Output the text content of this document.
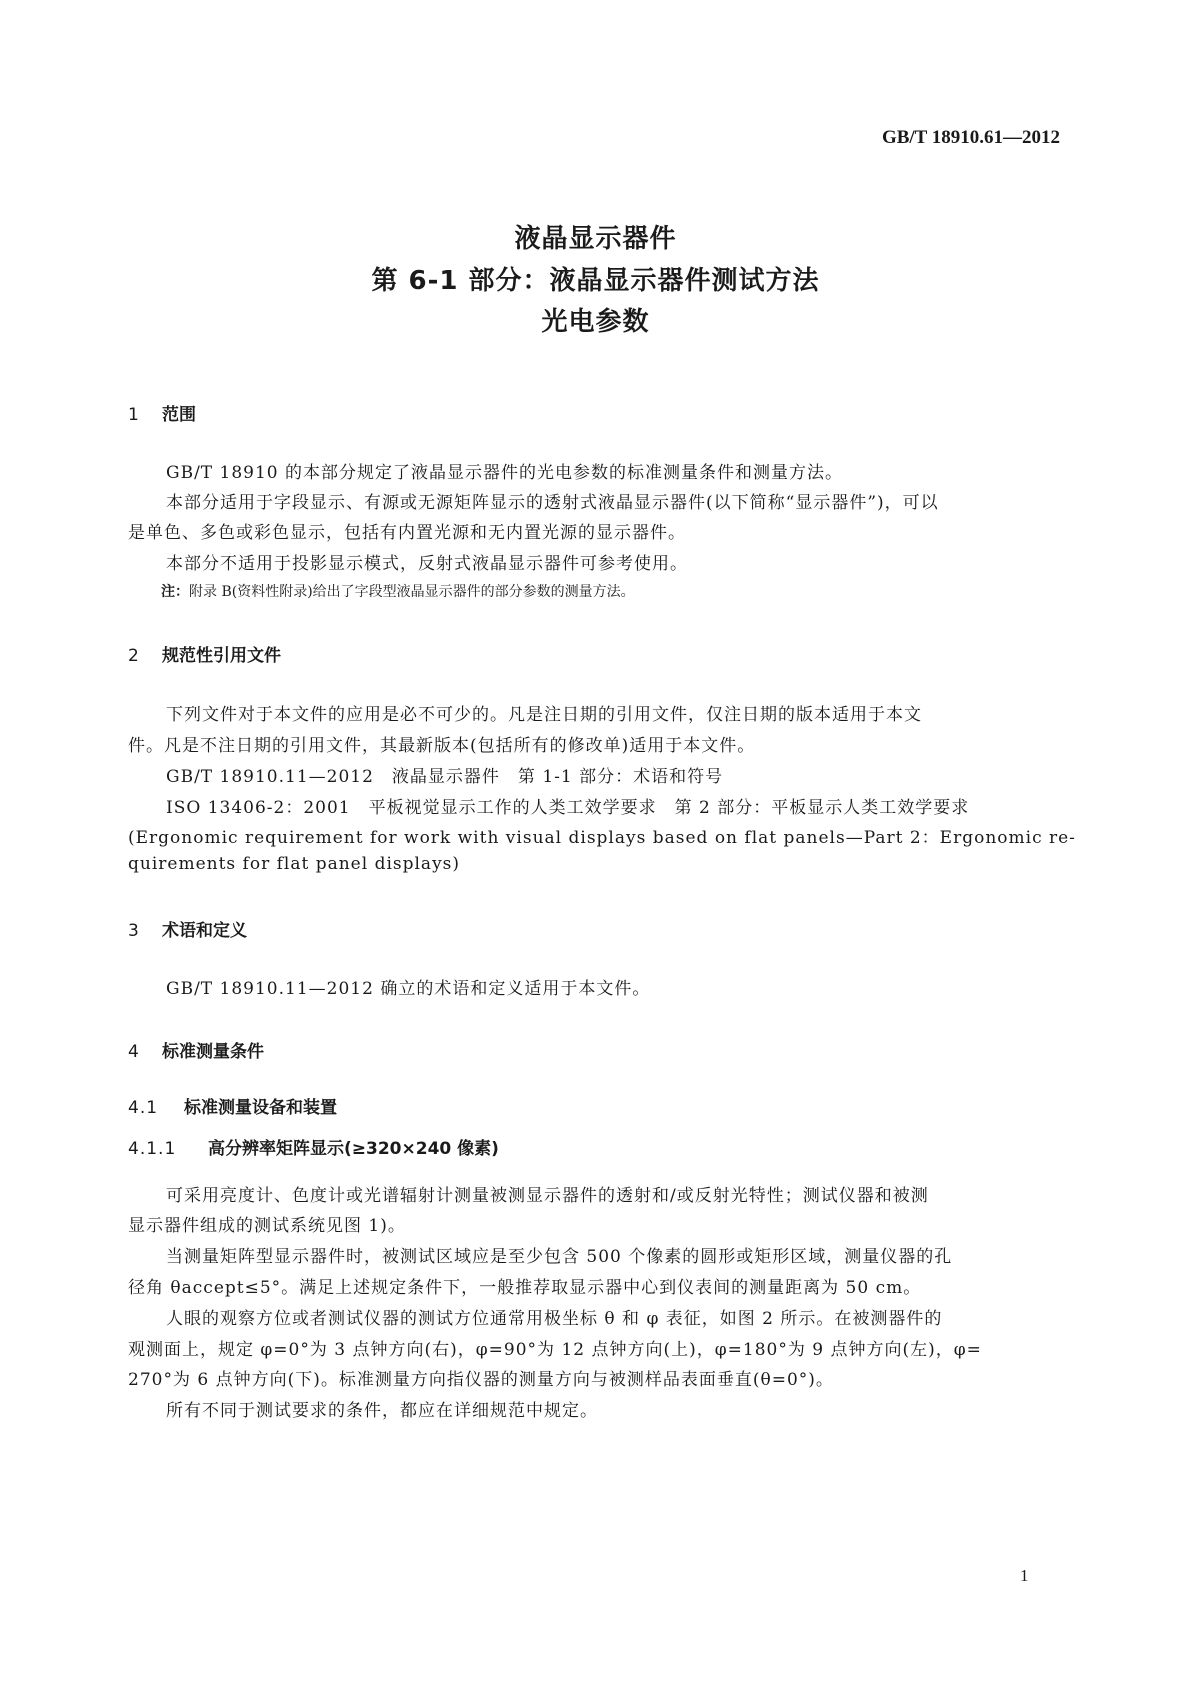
GB/T 18910.61—2012
液晶显示器件
第 6-1 部分：液晶显示器件测试方法
光电参数
1 范围
GB/T 18910 的本部分规定了液晶显示器件的光电参数的标准测量条件和测量方法。
本部分适用于字段显示、有源或无源矩阵显示的透射式液晶显示器件(以下简称“显示器件”)，可以
是单色、多色或彩色显示，包括有内置光源和无内置光源的显示器件。
本部分不适用于投影显示模式，反射式液晶显示器件可参考使用。
注：附录 B(资料性附录)给出了字段型液晶显示器件的部分参数的测量方法。
2 规范性引用文件
下列文件对于本文件的应用是必不可少的。凡是注日期的引用文件，仅注日期的版本适用于本文
件。凡是不注日期的引用文件，其最新版本(包括所有的修改单)适用于本文件。
GB/T 18910.11—2012　液晶显示器件　第 1-1 部分：术语和符号
ISO 13406-2：2001　平板视觉显示工作的人类工效学要求　第 2 部分：平板显示人类工效学要求
(Ergonomic requirement for work with visual displays based on flat panels—Part 2：Ergonomic re-
quirements for flat panel displays)
3 术语和定义
GB/T 18910.11—2012 确立的术语和定义适用于本文件。
4 标准测量条件
4.1 标准测量设备和装置
4.1.1 高分辨率矩阵显示(≥320×240 像素)
可采用亮度计、色度计或光谱辐射计测量被测显示器件的透射和/或反射光特性；测试仪器和被测
显示器件组成的测试系统见图 1)。
当测量矩阵型显示器件时，被测试区域应是至少包含 500 个像素的圆形或矩形区域，测量仪器的孔
径角 θaccept≤5°。满足上述规定条件下，一般推荐取显示器中心到仪表间的测量距离为 50 cm。
人眼的观察方位或者测试仪器的测试方位通常用极坐标 θ 和 φ 表征，如图 2 所示。在被测器件的
观测面上，规定 φ=0°为 3 点钟方向(右)，φ=90°为 12 点钟方向(上)，φ=180°为 9 点钟方向(左)，φ=
270°为 6 点钟方向(下)。标准测量方向指仪器的测量方向与被测样品表面垂直(θ=0°)。
所有不同于测试要求的条件，都应在详细规范中规定。
1
